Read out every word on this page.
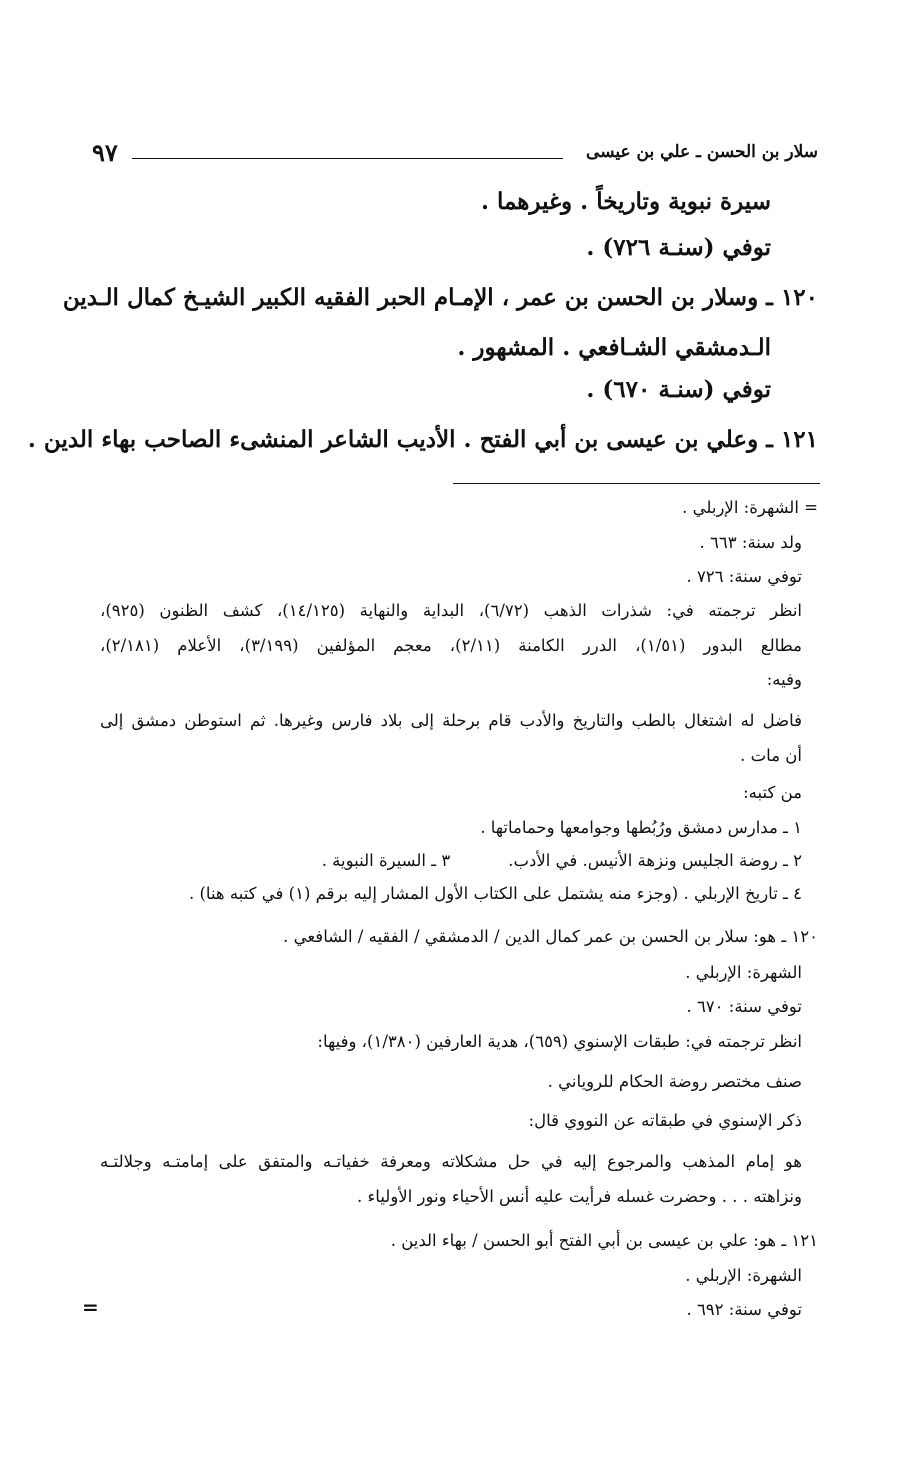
٩٧	سلار بن الحسن ـ علي بن عيسى
سيرة نبوية وتاريخاً . وغيرهما .
توفي (سنـة ٧٢٦) .
١٢٠ ـ وسلار بن الحسن بن عمر ، الإمـام الحبر الفقيه الكبير الشيـخ كمال الـدين
الـدمشقي الشـافعي . المشهور .
توفي (سنـة ٦٧٠) .
١٢١ ـ وعلي بن عيسى بن أبي الفتح . الأديب الشاعر المنشىء الصاحب بهاء الدين .
= الشهرة: الإربلي .
ولد سنة: ٦٦٣ .
توفي سنة: ٧٢٦ .
انظر ترجمته في: شذرات الذهب (٦/٧٢)، البداية والنهاية (١٤/١٢٥)، كشف الظنون (٩٢٥)،
مطالع البدور (١/٥١)، الدرر الكامنة (٢/١١)، معجم المؤلفين (٣/١٩٩)، الأعلام (٢/١٨١)،
وفيه:
فاضل له اشتغال بالطب والتاريخ والأدب قام برحلة إلى بلاد فارس وغيرها. ثم استوطن دمشق إلى
أن مات .
من كتبه:
١ ـ مدارس دمشق ورُبُطها وجوامعها وحماماتها .
٢ ـ روضة الجليس ونزهة الأنيس. في الأدب.٣ ـ السيرة النبوية .
٤ ـ تاريخ الإربلي . (وجزء منه يشتمل على الكتاب الأول المشار إليه برقم (١) في كتبه هنا) .
١٢٠ ـ هو: سلار بن الحسن بن عمر كمال الدين / الدمشقي / الفقيه / الشافعي .
الشهرة: الإربلي .
توفي سنة: ٦٧٠ .
انظر ترجمته في: طبقات الإسنوي (٦٥٩)، هدية العارفين (١/٣٨٠)، وفيها:
صنف مختصر روضة الحكام للروياني .
ذكر الإسنوي في طبقاته عن النووي قال:
هو إمام المذهب والمرجوع إليه في حل مشكلاته ومعرفة خفياتـه والمتفق على إمامتـه وجلالتـه
ونزاهته . . . وحضرت غسله فرأيت عليه أنس الأحياء ونور الأولياء .
١٢١ ـ هو: علي بن عيسى بن أبي الفتح أبو الحسن / بهاء الدين .
الشهرة: الإربلي .
توفي سنة: ٦٩٢ .
=
